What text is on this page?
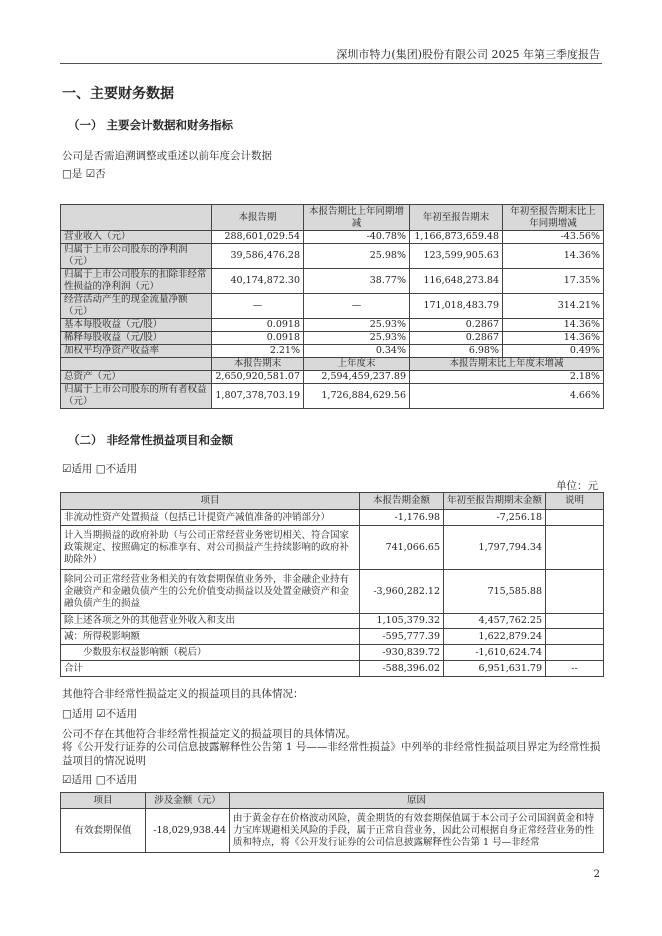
深圳市特力(集团)股份有限公司 2025 年第三季度报告
一、主要财务数据
（一） 主要会计数据和财务指标
公司是否需追溯调整或重述以前年度会计数据
□是 ☑否
	本报告期	本报告期比上年同期增减	年初至报告期末	年初至报告期末比上年同期增减
营业收入（元）	288,601,029.54	-40.78%	1,166,873,659.48	-43.56%
归属于上市公司股东的净利润（元）	39,586,476.28	25.98%	123,599,905.63	14.36%
归属于上市公司股东的扣除非经常性损益的净利润（元）	40,174,872.30	38.77%	116,648,273.84	17.35%
经营活动产生的现金流量净额（元）	—	—	171,018,483.79	314.21%
基本每股收益（元/股）	0.0918	25.93%	0.2867	14.36%
稀释每股收益（元/股）	0.0918	25.93%	0.2867	14.36%
加权平均净资产收益率	2.21%	0.34%	6.98%	0.49%
	本报告期末	上年度末	本报告期末比上年度末增减	
总资产（元）	2,650,920,581.07	2,594,459,237.89	2.18%	
归属于上市公司股东的所有者权益（元）	1,807,378,703.19	1,726,884,629.56	4.66%	
（二） 非经常性损益项目和金额
☑适用 □不适用
单位：元
项目	本报告期金额	年初至报告期期末金额	说明
非流动性资产处置损益（包括已计提资产减值准备的冲销部分）	-1,176.98	-7,256.18	
计入当期损益的政府补助（与公司正常经营业务密切相关、符合国家政策规定、按照确定的标准享有、对公司损益产生持续影响的政府补助除外）	741,066.65	1,797,794.34	
除同公司正常经营业务相关的有效套期保值业务外，非金融企业持有金融资产和金融负债产生的公允价值变动损益以及处置金融资产和金融负债产生的损益	-3,960,282.12	715,585.88	
除上述各项之外的其他营业外收入和支出	1,105,379.32	4,457,762.25	
减：所得税影响额	-595,777.39	1,622,879.24	
少数股东权益影响额（税后）	-930,839.72	-1,610,624.74	
合计	-588,396.02	6,951,631.79	--
其他符合非经常性损益定义的损益项目的具体情况：
□适用 ☑不适用
公司不存在其他符合非经常性损益定义的损益项目的具体情况。
将《公开发行证券的公司信息披露解释性公告第 1 号——非经常性损益》中列举的非经常性损益项目界定为经常性损益项目的情况说明
☑适用 □不适用
项目	涉及金额（元）	原因
有效套期保值	-18,029,938.44	由于黄金存在价格波动风险，黄金期货的有效套期保值属于本公司子公司国润黄金和特力宝库规避相关风险的手段，属于正常自营业务，因此公司根据自身正常经营业务的性质和特点，将《公开发行证券的公司信息披露解释性公告第 1 号—非经常
2
